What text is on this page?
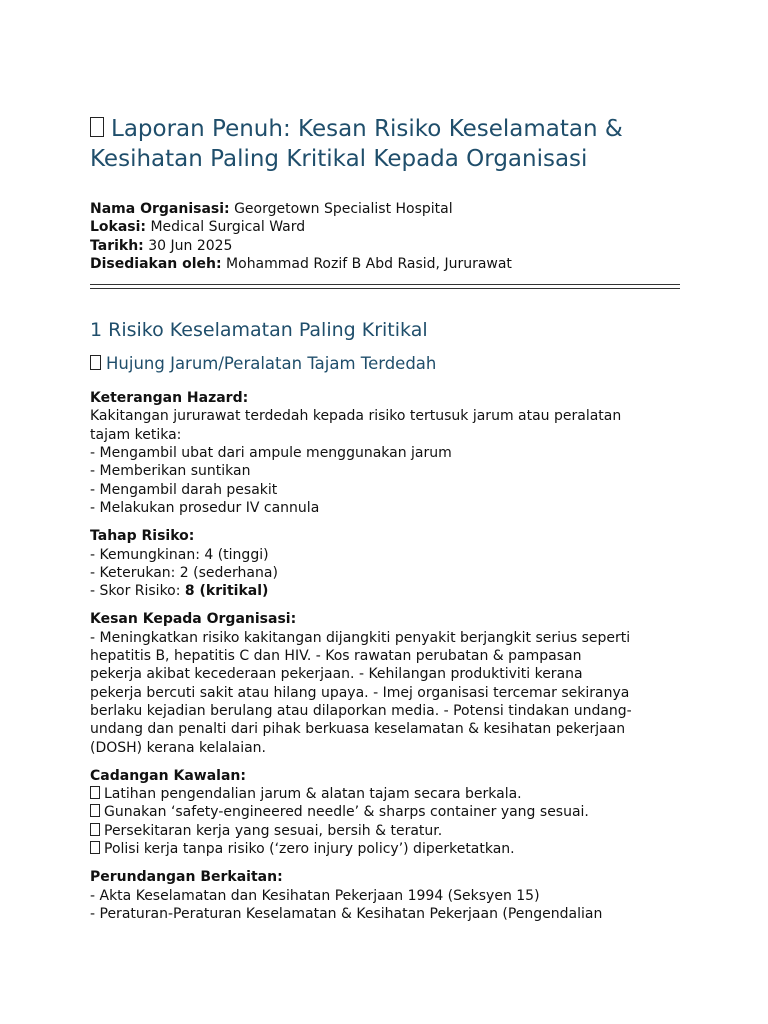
Laporan Penuh: Kesan Risiko Keselamatan &
Kesihatan Paling Kritikal Kepada Organisasi
Nama Organisasi: Georgetown Specialist Hospital
Lokasi: Medical Surgical Ward
Tarikh: 30 Jun 2025
Disediakan oleh: Mohammad Rozif B Abd Rasid, Jururawat
1 Risiko Keselamatan Paling Kritikal
Hujung Jarum/Peralatan Tajam Terdedah
Keterangan Hazard:
Kakitangan jururawat terdedah kepada risiko tertusuk jarum atau peralatan
tajam ketika:
- Mengambil ubat dari ampule menggunakan jarum
- Memberikan suntikan
- Mengambil darah pesakit
- Melakukan prosedur IV cannula
Tahap Risiko:
- Kemungkinan: 4 (tinggi)
- Keterukan: 2 (sederhana)
- Skor Risiko: 8 (kritikal)
Kesan Kepada Organisasi:
- Meningkatkan risiko kakitangan dijangkiti penyakit berjangkit serius seperti
hepatitis B, hepatitis C dan HIV. - Kos rawatan perubatan & pampasan
pekerja akibat kecederaan pekerjaan. - Kehilangan produktiviti kerana
pekerja bercuti sakit atau hilang upaya. - Imej organisasi tercemar sekiranya
berlaku kejadian berulang atau dilaporkan media. - Potensi tindakan undang-
undang dan penalti dari pihak berkuasa keselamatan & kesihatan pekerjaan
(DOSH) kerana kelalaian.
Cadangan Kawalan:
Latihan pengendalian jarum & alatan tajam secara berkala.
Gunakan ‘safety-engineered needle’ & sharps container yang sesuai.
Persekitaran kerja yang sesuai, bersih & teratur.
Polisi kerja tanpa risiko (‘zero injury policy’) diperketatkan.
Perundangan Berkaitan:
- Akta Keselamatan dan Kesihatan Pekerjaan 1994 (Seksyen 15)
- Peraturan-Peraturan Keselamatan & Kesihatan Pekerjaan (Pengendalian
